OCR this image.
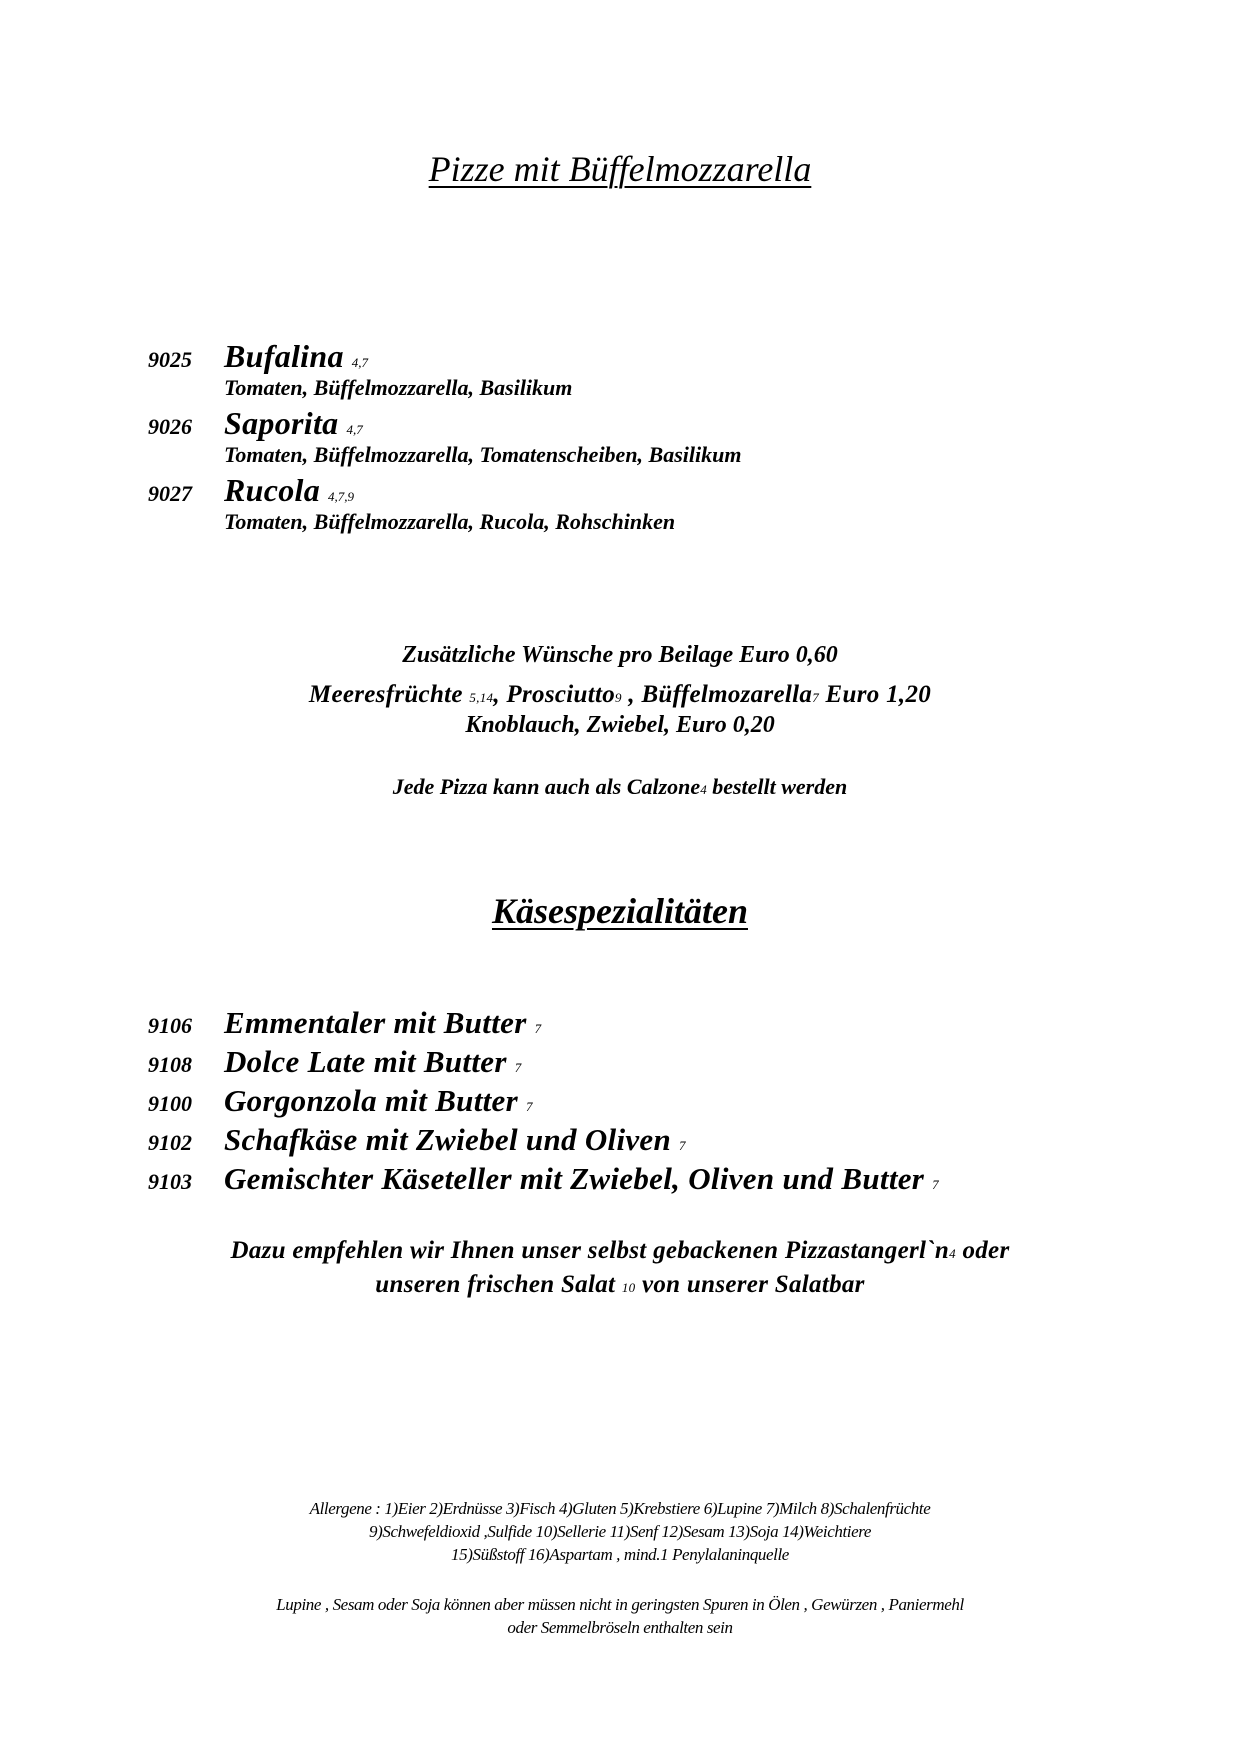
Pizze mit Büffelmozzarella
9025	Bufalina 4,7
Tomaten, Büffelmozzarella, Basilikum
9026	Saporita 4,7
Tomaten, Büffelmozzarella, Tomatenscheiben, Basilikum
9027	Rucola 4,7,9
Tomaten, Büffelmozzarella, Rucola, Rohschinken
Zusätzliche Wünsche pro Beilage Euro 0,60
Meeresfrüchte 5,14, Prosciutto9 , Büffelmozarella7 Euro 1,20
Knoblauch, Zwiebel, Euro 0,20
Jede Pizza kann auch als Calzone4 bestellt werden
Käsespezialitäten
9106	Emmentaler mit Butter 7
9108	Dolce Late mit Butter 7
9100	Gorgonzola mit Butter 7
9102	Schafkäse mit Zwiebel und Oliven 7
9103	Gemischter Käseteller mit Zwiebel, Oliven und Butter 7
Dazu empfehlen wir Ihnen unser selbst gebackenen Pizzastangerl`n4 oder
unseren frischen Salat 10 von unserer Salatbar
Allergene : 1)Eier 2)Erdnüsse 3)Fisch 4)Gluten 5)Krebstiere 6)Lupine 7)Milch 8)Schalenfrüchte
9)Schwefeldioxid ,Sulfide 10)Sellerie 11)Senf 12)Sesam 13)Soja 14)Weichtiere
15)Süßstoff 16)Aspartam , mind.1 Penylalaninquelle
Lupine , Sesam oder Soja können aber müssen nicht in geringsten Spuren in Ölen , Gewürzen , Paniermehl
oder Semmelbröseln enthalten sein
